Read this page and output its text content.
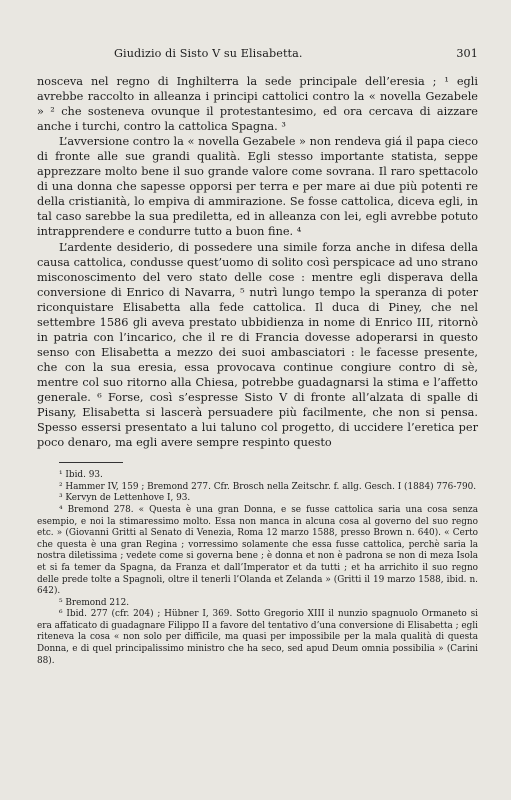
Giudizio di Sisto V su Elisabetta.	301

nosceva nel regno di Inghilterra la sede principale dell’eresia ; ¹ egli avrebbe raccolto in alleanza i principi cattolici contro la « novella Gezabele » ² che sosteneva ovunque il protestantesimo, ed ora cercava di aizzare anche i turchi, contro la cattolica Spagna. ³

L’avversione contro la « novella Gezabele » non rendeva giá il papa cieco di fronte alle sue grandi qualità. Egli stesso importante statista, seppe apprezzare molto bene il suo grande valore come sovrana. Il raro spettacolo di una donna che sapesse opporsi per terra e per mare ai due più potenti re della cristianità, lo empiva di ammirazione. Se fosse cattolica, diceva egli, in tal caso sarebbe la sua prediletta, ed in alleanza con lei, egli avrebbe potuto intrapprendere e condurre tutto a buon fine. ⁴

L’ardente desiderio, di possedere una simile forza anche in difesa della causa cattolica, condusse quest’uomo di solito così perspicace ad uno strano misconoscimento del vero stato delle cose : mentre egli disperava della conversione di Enrico di Navarra, ⁵ nutrì lungo tempo la speranza di poter riconquistare Elisabetta alla fede cattolica. Il duca di Piney, che nel settembre 1586 gli aveva prestato ubbidienza in nome di Enrico III, ritornò in patria con l’incarico, che il re di Francia dovesse adoperarsi in questo senso con Elisabetta a mezzo dei suoi ambasciatori : le facesse presente, che con la sua eresia, essa provocava continue congiure contro di sè, mentre col suo ritorno alla Chiesa, potrebbe guadagnarsi la stima e l’affetto generale. ⁶ Forse, così s’espresse Sisto V di fronte all’alzata di spalle di Pisany, Elisabetta si lascerà persuadere più facilmente, che non si pensa. Spesso essersi presentato a lui taluno col progetto, di uccidere l’eretica per poco denaro, ma egli avere sempre respinto questo

¹ Ibid. 93.

² Hammer IV, 159 ; Bremond 277. Cfr. Brosch nella Zeitschr. f. allg. Gesch. I (1884) 776-790.

³ Kervyn de Lettenhove I, 93.

⁴ Bremond 278. « Questa è una gran Donna, e se fusse cattolica saria una cosa senza esempio, e noi la stimaressimo molto. Essa non manca in alcuna cosa al governo del suo regno etc. » (Giovanni Gritti al Senato di Venezia, Roma 12 marzo 1588, presso Brown n. 640). « Certo che questa è una gran Regina ; vorressimo solamente che essa fusse cattolica, perchè saria la nostra diletissima ; vedete come si governa bene ; è donna et non è padrona se non di meza Isola et si fa temer da Spagna, da Franza et dall’Imperator et da tutti ; et ha arrichito il suo regno delle prede tolte a Spagnoli, oltre il tenerli l’Olanda et Zelanda » (Gritti il 19 marzo 1588, ibid. n. 642).

⁵ Bremond 212.

⁶ Ibid. 277 (cfr. 204) ; Hübner I, 369. Sotto Gregorio XIII il nunzio spagnuolo Ormaneto si era affaticato di guadagnare Filippo II a favore del tentativo d’una conversione di Elisabetta ; egli riteneva la cosa « non solo per difficile, ma quasi per impossibile per la mala qualità di questa Donna, e di quel principalissimo ministro che ha seco, sed apud Deum omnia possibilia » (Carini 88).
